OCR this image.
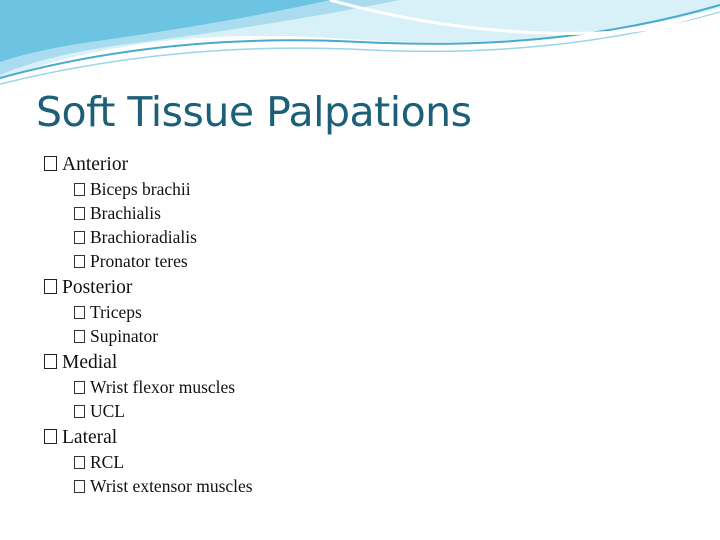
Soft Tissue Palpations
Anterior
Biceps brachii
Brachialis
Brachioradialis
Pronator teres
Posterior
Triceps
Supinator
Medial
Wrist flexor muscles
UCL
Lateral
RCL
Wrist extensor muscles
